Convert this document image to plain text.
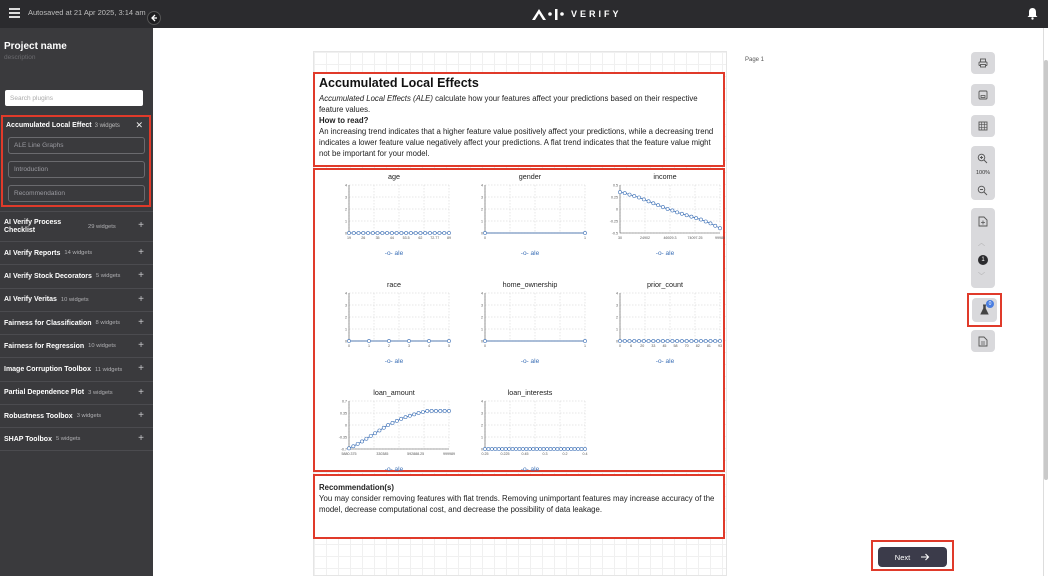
Autosaved at 21 Apr 2025, 3:14 am	VERIFY
Project name
description
Search plugins
Accumulated Local Effect 3 widgets ✕
ALE Line Graphs
Introduction
Recommendation
AI Verify Process Checklist	29 widgets +
AI Verify Reports 14 widgets	+
AI Verify Stock Decorators 5 widgets +
AI Verify Veritas 10 widgets	+
Fairness for Classification 8 widgets +
Fairness for Regression 10 widgets +
Image Corruption Toolbox 11 widgets +
Partial Dependence Plot 3 widgets	+
Robustness Toolbox 3 widgets	+
SHAP Toolbox 5 widgets	+
Page 1
Accumulated Local Effects

Accumulated Local Effects (ALE) calculate how your features affect your predictions based on their respective feature values.

How to read?

An increasing trend indicates that a higher feature value positively affect your predictions, while a decreasing trend indicates a lower feature value negatively affect your predictions. A flat trend indicates that the feature value might not be important for your model.

age
4
3
2
1
0
19	26	35	44 53.5 62 72.77 89
-o- ale
gender
4
3
2
1
0
0	1
-o- ale
income
0.5
0.25
0
-0.25
-0.5
30	24902	46929.3	74097.25	99986
-o- ale
race
4
3
2
1
0
0	1	2	3	4	5
-o- ale
home_ownership
4
3
2
1
0
0	1
-o- ale
prior_count
4
3
2
1
0
0	6 20 33 45 58 70 82 81 93
-o- ale
loan_amount
0.7
0.35
0
-0.35
-0.7
5880.375	330385	592888.25	999989
-o- ale
loan_interests
4
3
2
1
0
0.25	0.225	0.45	0.3	0.2	0.4
-o- ale

Recommendation(s)

You may consider removing features with flat trends. Removing unimportant features may increase accuracy of the model, decrease computational cost, and decrease the possibility of data leakage.

100%
︿
1
﹀
0
Next
